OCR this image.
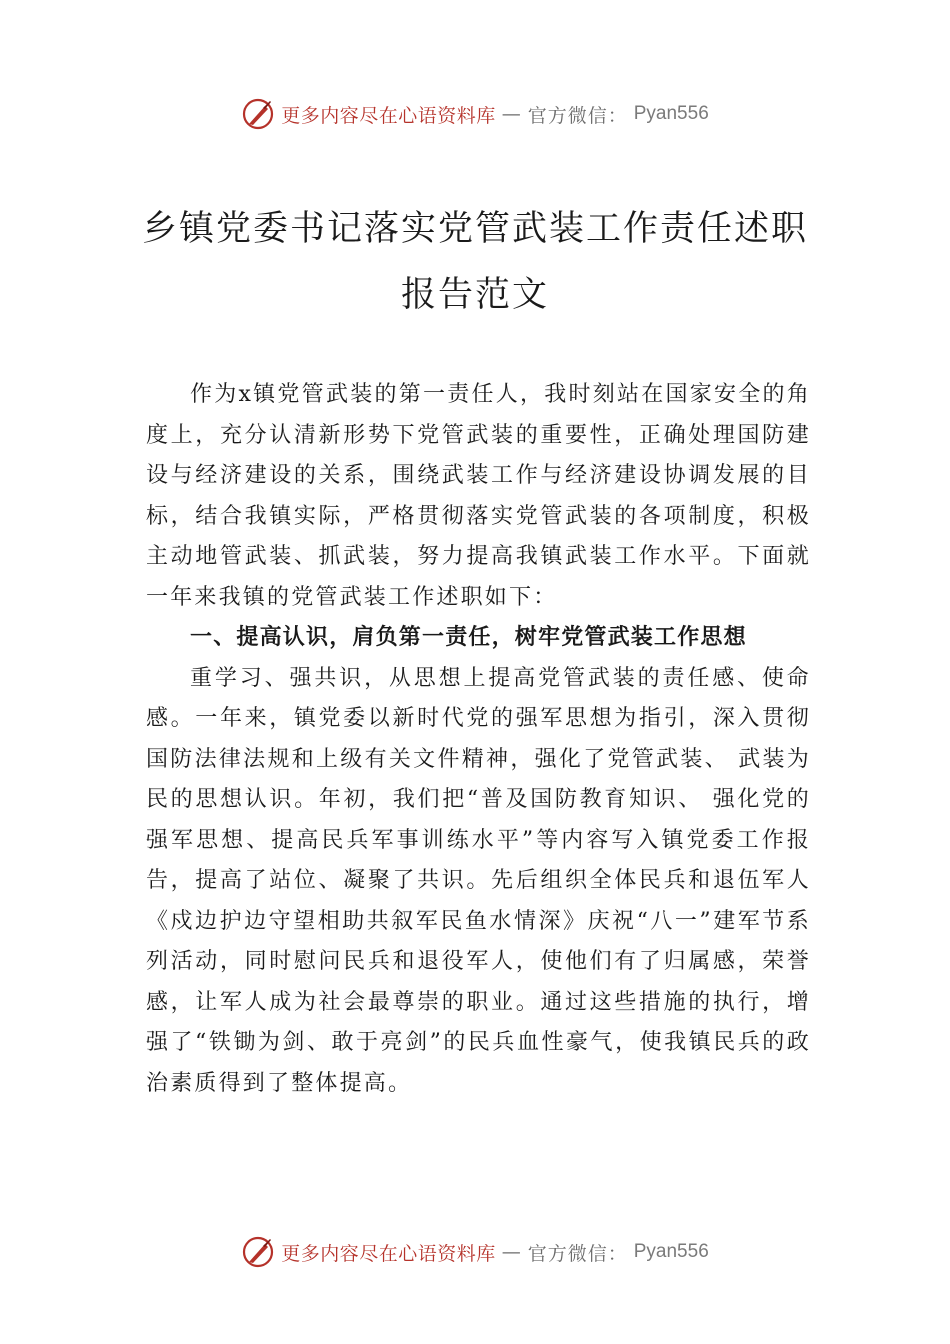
更多内容尽在心语资料库 — 官方微信： Pyan556
乡镇党委书记落实党管武装工作责任述职
报告范文

作为x镇党管武装的第一责任人，我时刻站在国家安全的角度上，充分认清新形势下党管武装的重要性，正确处理国防建设与经济建设的关系，围绕武装工作与经济建设协调发展的目标，结合我镇实际，严格贯彻落实党管武装的各项制度，积极主动地管武装、抓武装，努力提高我镇武装工作水平。下面就一年来我镇的党管武装工作述职如下：

一、提高认识，肩负第一责任，树牢党管武装工作思想

重学习、强共识，从思想上提高党管武装的责任感、使命感。一年来，镇党委以新时代党的强军思想为指引，深入贯彻国防法律法规和上级有关文件精神，强化了党管武装、 武装为民的思想认识。年初，我们把“普及国防教育知识、 强化党的强军思想、提高民兵军事训练水平”等内容写入镇党委工作报告，提高了站位、凝聚了共识。先后组织全体民兵和退伍军人《戍边护边守望相助共叙军民鱼水情深》庆祝“八一”建军节系列活动，同时慰问民兵和退役军人，使他们有了归属感，荣誉感，让军人成为社会最尊崇的职业。通过这些措施的执行，增强了“铁锄为剑、敢于亮剑”的民兵血性豪气，使我镇民兵的政治素质得到了整体提高。

更多内容尽在心语资料库 — 官方微信： Pyan556
